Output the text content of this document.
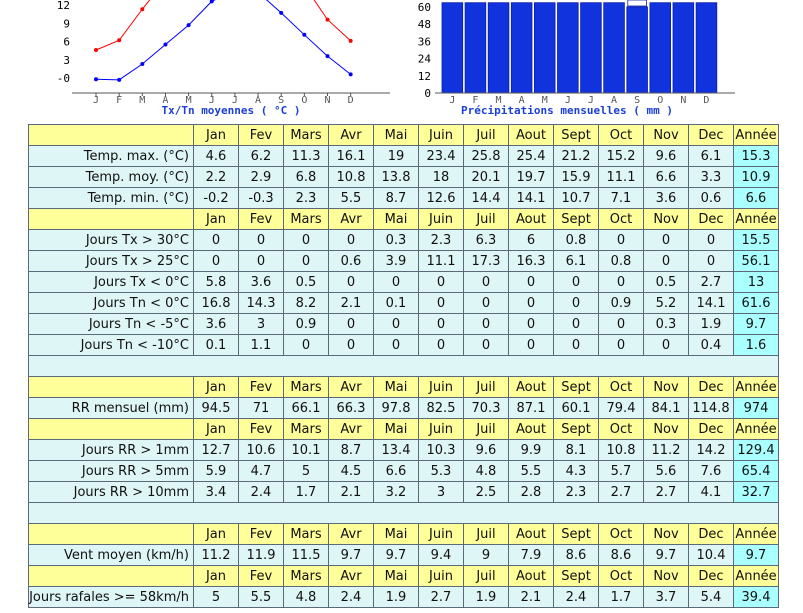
12
9
6
3
-0
J F M A M J J A S O N D
Tx/Tn moyennes ( °C )
60
48
36
24
12
0
J F M A M J J A S O N D
Précipitations mensuelles ( mm )
	Jan	Fev	Mars	Avr	Mai	Juin	Juil	Aout	Sept	Oct	Nov	Dec	Année
Temp. max. (°C)	4.6	6.2	11.3	16.1	19	23.4	25.8	25.4	21.2	15.2	9.6	6.1	15.3
Temp. moy. (°C)	2.2	2.9	6.8	10.8	13.8	18	20.1	19.7	15.9	11.1	6.6	3.3	10.9
Temp. min. (°C)	-0.2	-0.3	2.3	5.5	8.7	12.6	14.4	14.1	10.7	7.1	3.6	0.6	6.6
	Jan	Fev	Mars	Avr	Mai	Juin	Juil	Aout	Sept	Oct	Nov	Dec	Année
Jours Tx > 30°C	0	0	0	0	0.3	2.3	6.3	6	0.8	0	0	0	15.5
Jours Tx > 25°C	0	0	0	0.6	3.9	11.1	17.3	16.3	6.1	0.8	0	0	56.1
Jours Tx < 0°C	5.8	3.6	0.5	0	0	0	0	0	0	0	0.5	2.7	13
Jours Tn < 0°C	16.8	14.3	8.2	2.1	0.1	0	0	0	0	0.9	5.2	14.1	61.6
Jours Tn < -5°C	3.6	3	0.9	0	0	0	0	0	0	0	0.3	1.9	9.7
Jours Tn < -10°C	0.1	1.1	0	0	0	0	0	0	0	0	0	0.4	1.6

	Jan	Fev	Mars	Avr	Mai	Juin	Juil	Aout	Sept	Oct	Nov	Dec	Année
RR mensuel (mm)	94.5	71	66.1	66.3	97.8	82.5	70.3	87.1	60.1	79.4	84.1	114.8	974
	Jan	Fev	Mars	Avr	Mai	Juin	Juil	Aout	Sept	Oct	Nov	Dec	Année
Jours RR > 1mm	12.7	10.6	10.1	8.7	13.4	10.3	9.6	9.9	8.1	10.8	11.2	14.2	129.4
Jours RR > 5mm	5.9	4.7	5	4.5	6.6	5.3	4.8	5.5	4.3	5.7	5.6	7.6	65.4
Jours RR > 10mm	3.4	2.4	1.7	2.1	3.2	3	2.5	2.8	2.3	2.7	2.7	4.1	32.7

	Jan	Fev	Mars	Avr	Mai	Juin	Juil	Aout	Sept	Oct	Nov	Dec	Année
Vent moyen (km/h)	11.2	11.9	11.5	9.7	9.7	9.4	9	7.9	8.6	8.6	9.7	10.4	9.7
	Jan	Fev	Mars	Avr	Mai	Juin	Juil	Aout	Sept	Oct	Nov	Dec	Année
Jours rafales >= 58km/h	5	5.5	4.8	2.4	1.9	2.7	1.9	2.1	2.4	1.7	3.7	5.4	39.4
